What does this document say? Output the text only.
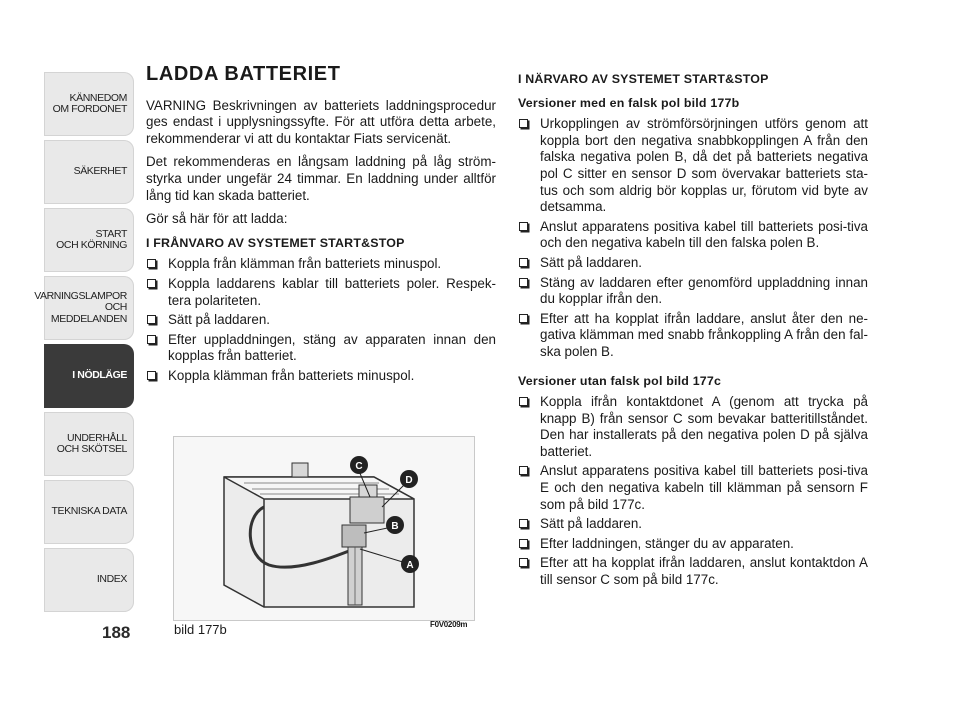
KÄNNEDOM
OM FORDONET
SÄKERHET
START
OCH KÖRNING
VARNINGSLAMPOR
OCH
MEDDELANDEN
I NÖDLÄGE
UNDERHÅLL
OCH SKÖTSEL
TEKNISKA DATA
INDEX
188
LADDA BATTERIET

VARNING Beskrivningen av batteriets laddningsprocedur ges endast i upplysningssyfte. För att utföra detta arbete, rekommenderar vi att du kontaktar Fiats servicenät.

Det rekommenderas en långsam laddning på låg ström-styrka under ungefär 24 timmar. En laddning under alltför lång tid kan skada batteriet.

Gör så här för att ladda:

I FRÅNVARO AV SYSTEMET START&STOP
Koppla från klämman från batteriets minuspol.
Koppla laddarens kablar till batteriets poler. Respek-tera polariteten.
Sätt på laddaren.
Efter uppladdningen, stäng av apparaten innan den kopplas från batteriet.
Koppla klämman från batteriets minuspol.
C
D
B
A
bild 177b	F0V0209m
I NÄRVARO AV SYSTEMET START&STOP
Versioner med en falsk pol bild 177b
Urkopplingen av strömförsörjningen utförs genom att koppla bort den negativa snabbkopplingen A från den falska negativa polen B, då det på batteriets negativa pol C sitter en sensor D som övervakar batteriets sta-tus och som aldrig bör kopplas ur, förutom vid byte av detsamma.
Anslut apparatens positiva kabel till batteriets posi-tiva och den negativa kabeln till den falska polen B.
Sätt på laddaren.
Stäng av laddaren efter genomförd uppladdning innan du kopplar ifrån den.
Efter att ha kopplat ifrån laddare, anslut åter den ne-gativa klämman med snabb frånkoppling A från den fal-ska polen B.
Versioner utan falsk pol bild 177c
Koppla ifrån kontaktdonet A (genom att trycka på knapp B) från sensor C som bevakar batteritillståndet. Den har installerats på den negativa polen D på själva batteriet.
Anslut apparatens positiva kabel till batteriets posi-tiva E och den negativa kabeln till klämman på sensorn F som på bild 177c.
Sätt på laddaren.
Efter laddningen, stänger du av apparaten.
Efter att ha kopplat ifrån laddaren, anslut kontaktdon A till sensor C som på bild 177c.
